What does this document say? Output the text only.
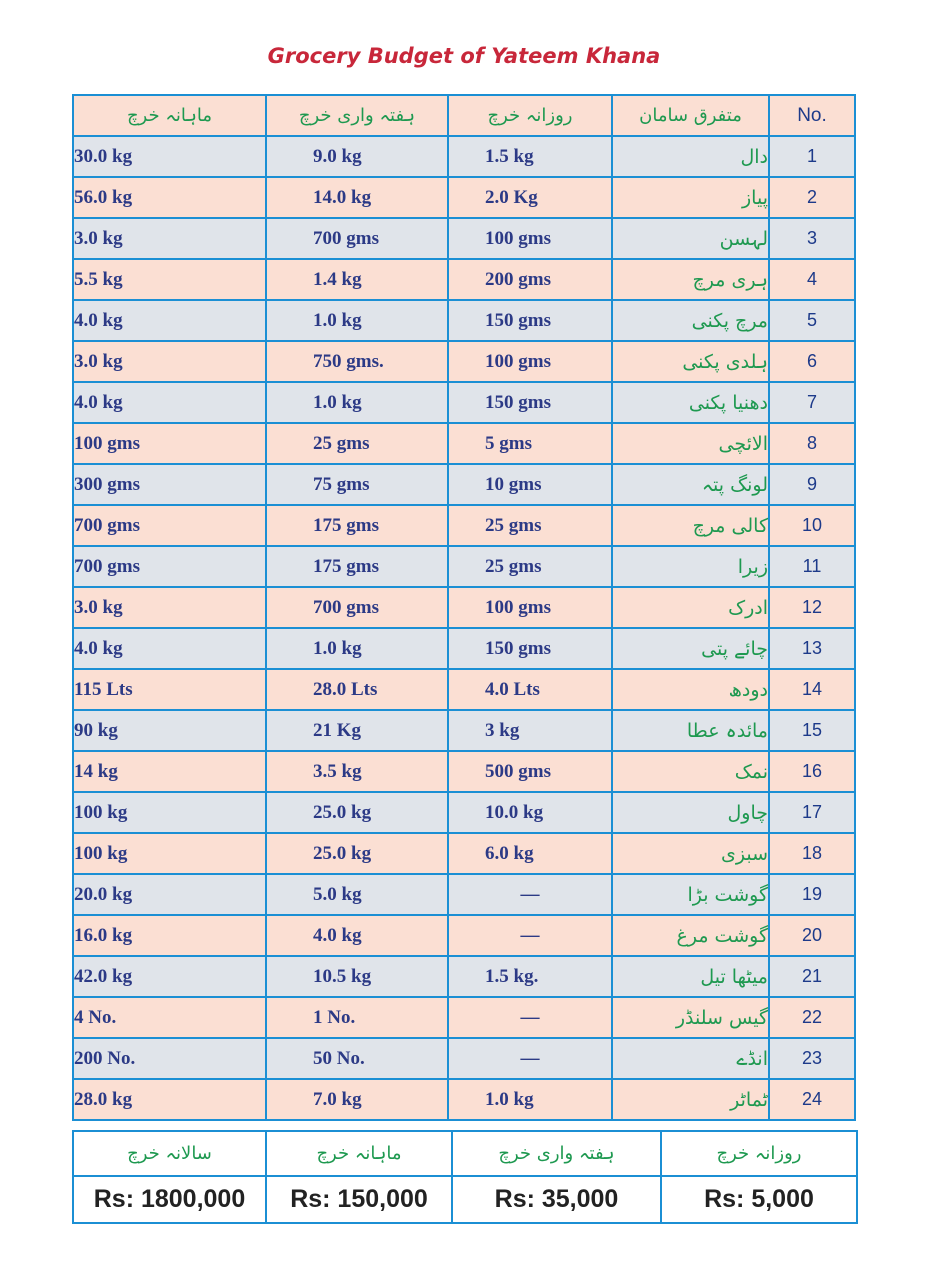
Grocery Budget of Yateem Khana
ماہانہ خرچ	ہفتہ واری خرچ	روزانہ خرچ	متفرق سامان	No.
30.0 kg	9.0 kg	1.5 kg	دال	1
56.0 kg	14.0 kg	2.0 Kg	پیاز	2
3.0 kg	700 gms	100 gms	لہسن	3
5.5 kg	1.4 kg	200 gms	ہری مرچ	4
4.0 kg	1.0 kg	150 gms	مرچ پکنی	5
3.0 kg	750 gms.	100 gms	ہلدی پکنی	6
4.0 kg	1.0 kg	150 gms	دھنیا پکنی	7
100 gms	25 gms	5 gms	الائچی	8
300 gms	75 gms	10 gms	لونگ پتہ	9
700 gms	175 gms	25 gms	کالی مرچ	10
700 gms	175 gms	25 gms	زیرا	11
3.0 kg	700 gms	100 gms	ادرک	12
4.0 kg	1.0 kg	150 gms	چائے پتی	13
115 Lts	28.0 Lts	4.0 Lts	دودھ	14
90 kg	21 Kg	3 kg	مائدہ عطا	15
14 kg	3.5 kg	500 gms	نمک	16
100 kg	25.0 kg	10.0 kg	چاول	17
100 kg	25.0 kg	6.0 kg	سبزی	18
20.0 kg	5.0 kg	—	گوشت بڑا	19
16.0 kg	4.0 kg	—	گوشت مرغ	20
42.0 kg	10.5 kg	1.5 kg.	میٹھا تیل	21
4 No.	1 No.	—	گیس سلنڈر	22
200 No.	50 No.	—	انڈے	23
28.0 kg	7.0 kg	1.0 kg	ٹماٹر	24
سالانہ خرچ	ماہانہ خرچ	ہفتہ واری خرچ	روزانہ خرچ
Rs: 1800,000	Rs: 150,000	Rs: 35,000	Rs: 5,000
